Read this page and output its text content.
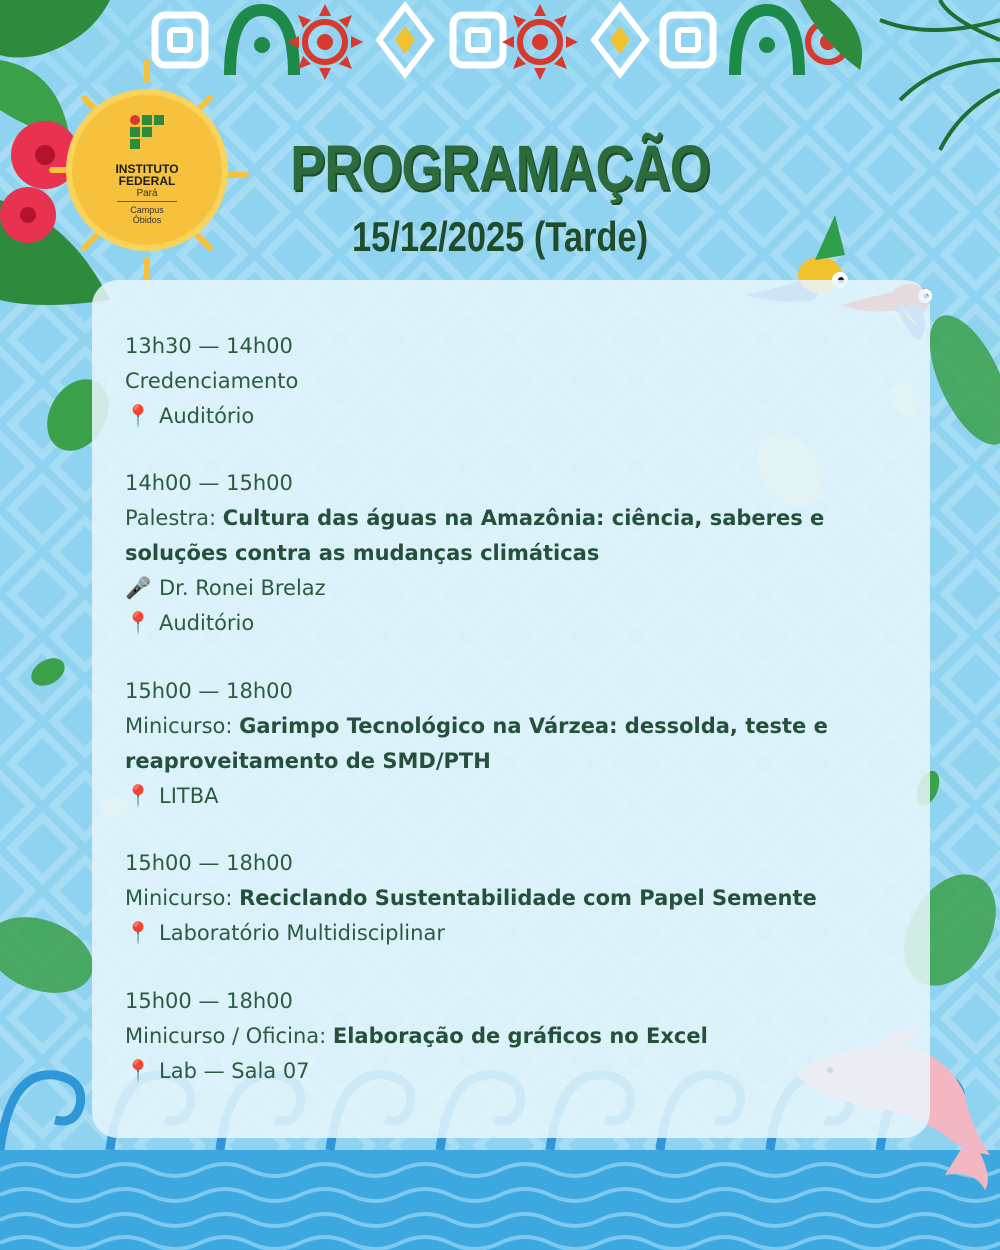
INSTITUTO
FEDERAL
Pará
Campus
Óbidos
PROGRAMAÇÃO
15/12/2025 (Tarde)
13h30 — 14h00
Credenciamento
📍 Auditório
14h00 — 15h00
Palestra: Cultura das águas na Amazônia: ciência, saberes e
soluções contra as mudanças climáticas
🎤 Dr. Ronei Brelaz
📍 Auditório
15h00 — 18h00
Minicurso: Garimpo Tecnológico na Várzea: dessolda, teste e
reaproveitamento de SMD/PTH
📍 LITBA
15h00 — 18h00
Minicurso: Reciclando Sustentabilidade com Papel Semente
📍 Laboratório Multidisciplinar
15h00 — 18h00
Minicurso / Oficina: Elaboração de gráficos no Excel
📍 Lab — Sala 07
